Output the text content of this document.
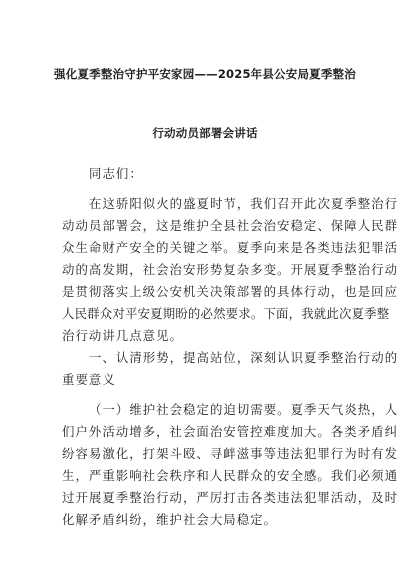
强化夏季整治守护平安家园——2025年县公安局夏季整治
行动动员部署会讲话
同志们：
在这骄阳似火的盛夏时节，我们召开此次夏季整治行
动动员部署会，这是维护全县社会治安稳定、保障人民群
众生命财产安全的关键之举。夏季向来是各类违法犯罪活
动的高发期，社会治安形势复杂多变。开展夏季整治行动
是贯彻落实上级公安机关决策部署的具体行动，也是回应
人民群众对平安夏期盼的必然要求。下面，我就此次夏季整
治行动讲几点意见。
一、认清形势，提高站位，深刻认识夏季整治行动的
重要意义
（一）维护社会稳定的迫切需要。夏季天气炎热，人
们户外活动增多，社会面治安管控难度加大。各类矛盾纠
纷容易激化，打架斗殴、寻衅滋事等违法犯罪行为时有发
生，严重影响社会秩序和人民群众的安全感。我们必须通
过开展夏季整治行动，严厉打击各类违法犯罪活动，及时
化解矛盾纠纷，维护社会大局稳定。
